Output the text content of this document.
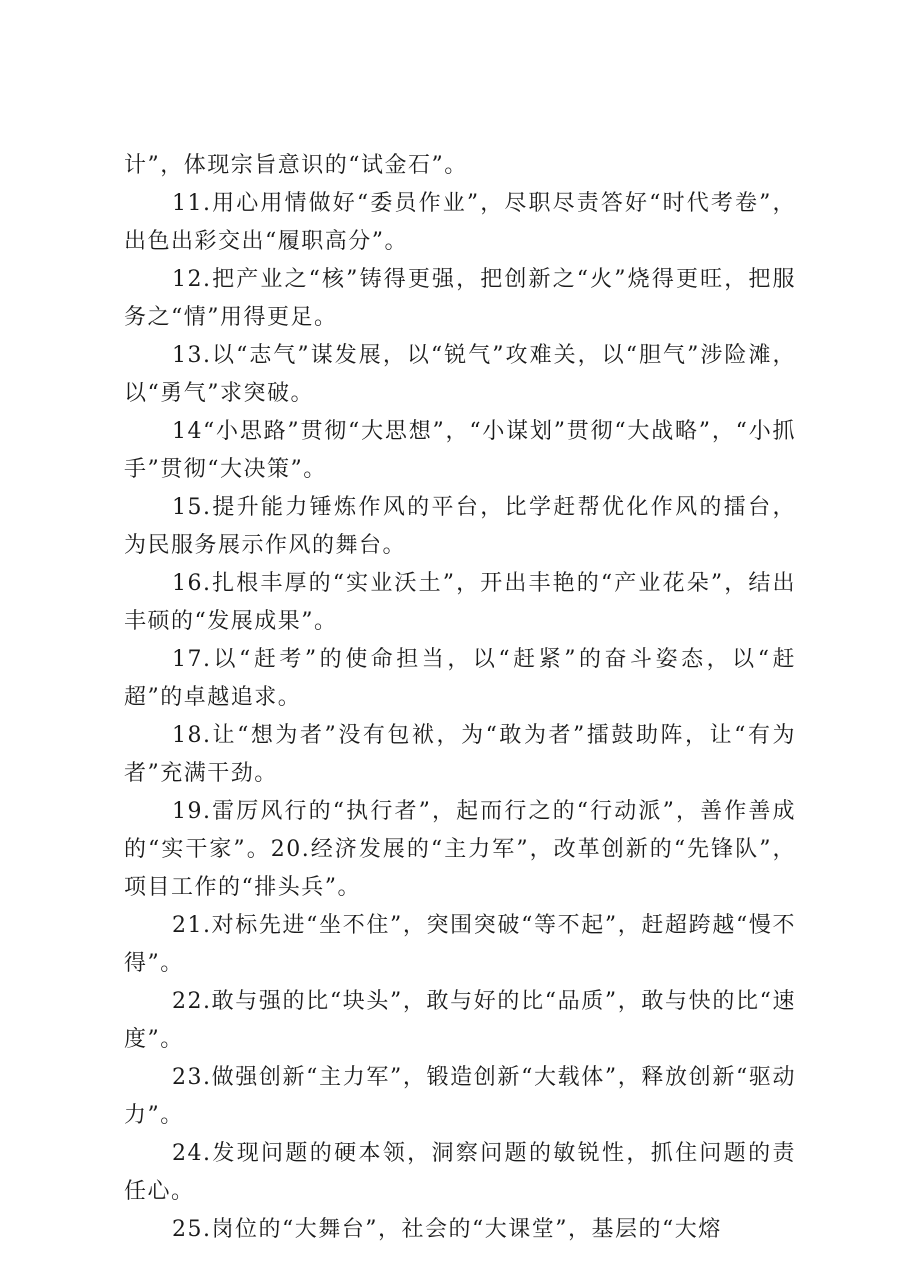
计”，体现宗旨意识的“试金石”。

11.用心用情做好“委员作业”，尽职尽责答好“时代考卷”，出色出彩交出“履职高分”。

12.把产业之“核”铸得更强，把创新之“火”烧得更旺，把服务之“情”用得更足。

13.以“志气”谋发展，以“锐气”攻难关，以“胆气”涉险滩，以“勇气”求突破。

14“小思路”贯彻“大思想”，“小谋划”贯彻“大战略”，“小抓手”贯彻“大决策”。

15.提升能力锤炼作风的平台，比学赶帮优化作风的擂台，为民服务展示作风的舞台。

16.扎根丰厚的“实业沃土”，开出丰艳的“产业花朵”，结出丰硕的“发展成果”。

17.以“赶考”的使命担当，以“赶紧”的奋斗姿态，以“赶超”的卓越追求。

18.让“想为者”没有包袱，为“敢为者”擂鼓助阵，让“有为者”充满干劲。

19.雷厉风行的“执行者”，起而行之的“行动派”，善作善成的“实干家”。20.经济发展的“主力军”，改革创新的“先锋队”，项目工作的“排头兵”。

21.对标先进“坐不住”，突围突破“等不起”，赶超跨越“慢不得”。

22.敢与强的比“块头”，敢与好的比“品质”，敢与快的比“速度”。

23.做强创新“主力军”，锻造创新“大载体”，释放创新“驱动力”。

24.发现问题的硬本领，洞察问题的敏锐性，抓住问题的责任心。

25.岗位的“大舞台”，社会的“大课堂”，基层的“大熔
